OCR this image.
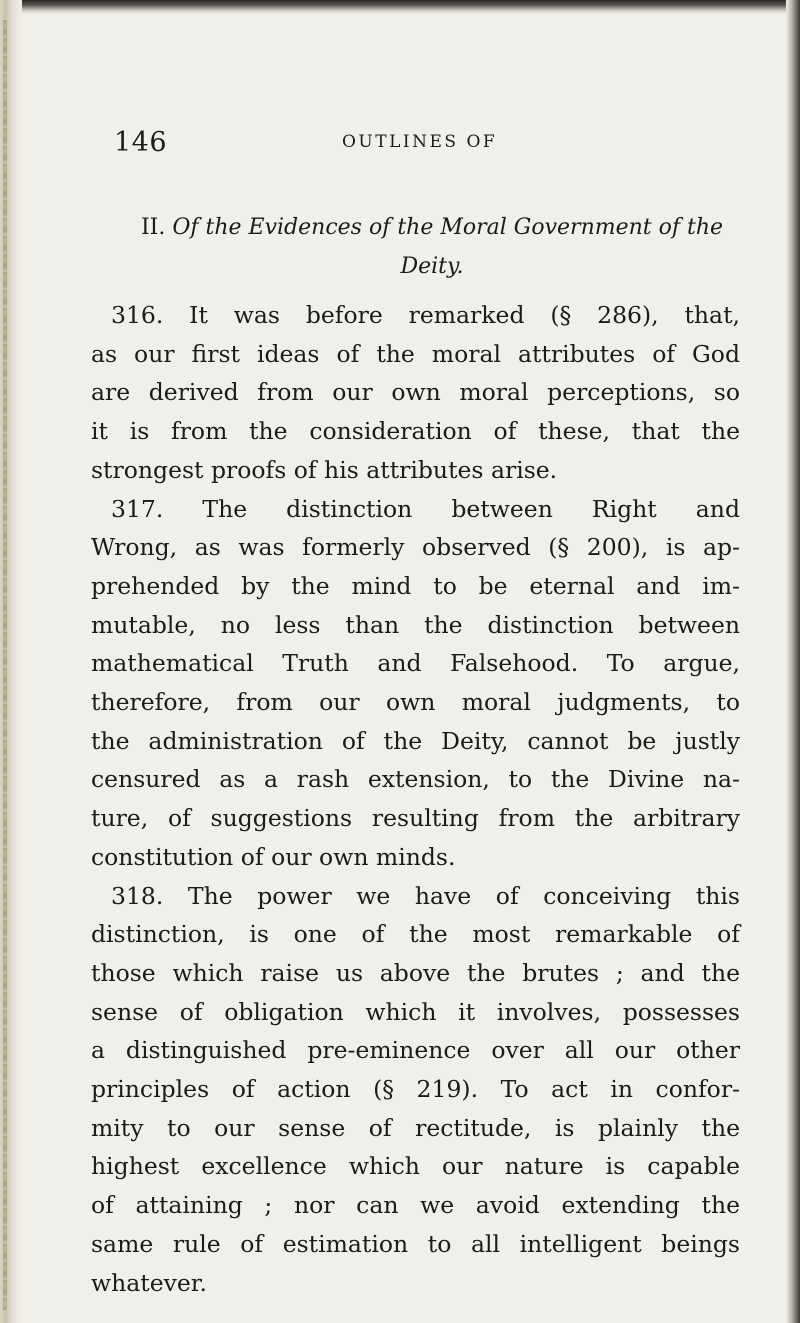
146	OUTLINES OF
II. Of the Evidences of the Moral Government of the
Deity.
316. It was before remarked (§ 286), that,
as our first ideas of the moral attributes of God
are derived from our own moral perceptions, so
it is from the consideration of these, that the
strongest proofs of his attributes arise.
317. The distinction between Right and
Wrong, as was formerly observed (§ 200), is ap-
prehended by the mind to be eternal and im-
mutable, no less than the distinction between
mathematical Truth and Falsehood. To argue,
therefore, from our own moral judgments, to
the administration of the Deity, cannot be justly
censured as a rash extension, to the Divine na-
ture, of suggestions resulting from the arbitrary
constitution of our own minds.
318. The power we have of conceiving this
distinction, is one of the most remarkable of
those which raise us above the brutes ; and the
sense of obligation which it involves, possesses
a distinguished pre-eminence over all our other
principles of action (§ 219). To act in confor-
mity to our sense of rectitude, is plainly the
highest excellence which our nature is capable
of attaining ; nor can we avoid extending the
same rule of estimation to all intelligent beings
whatever.
